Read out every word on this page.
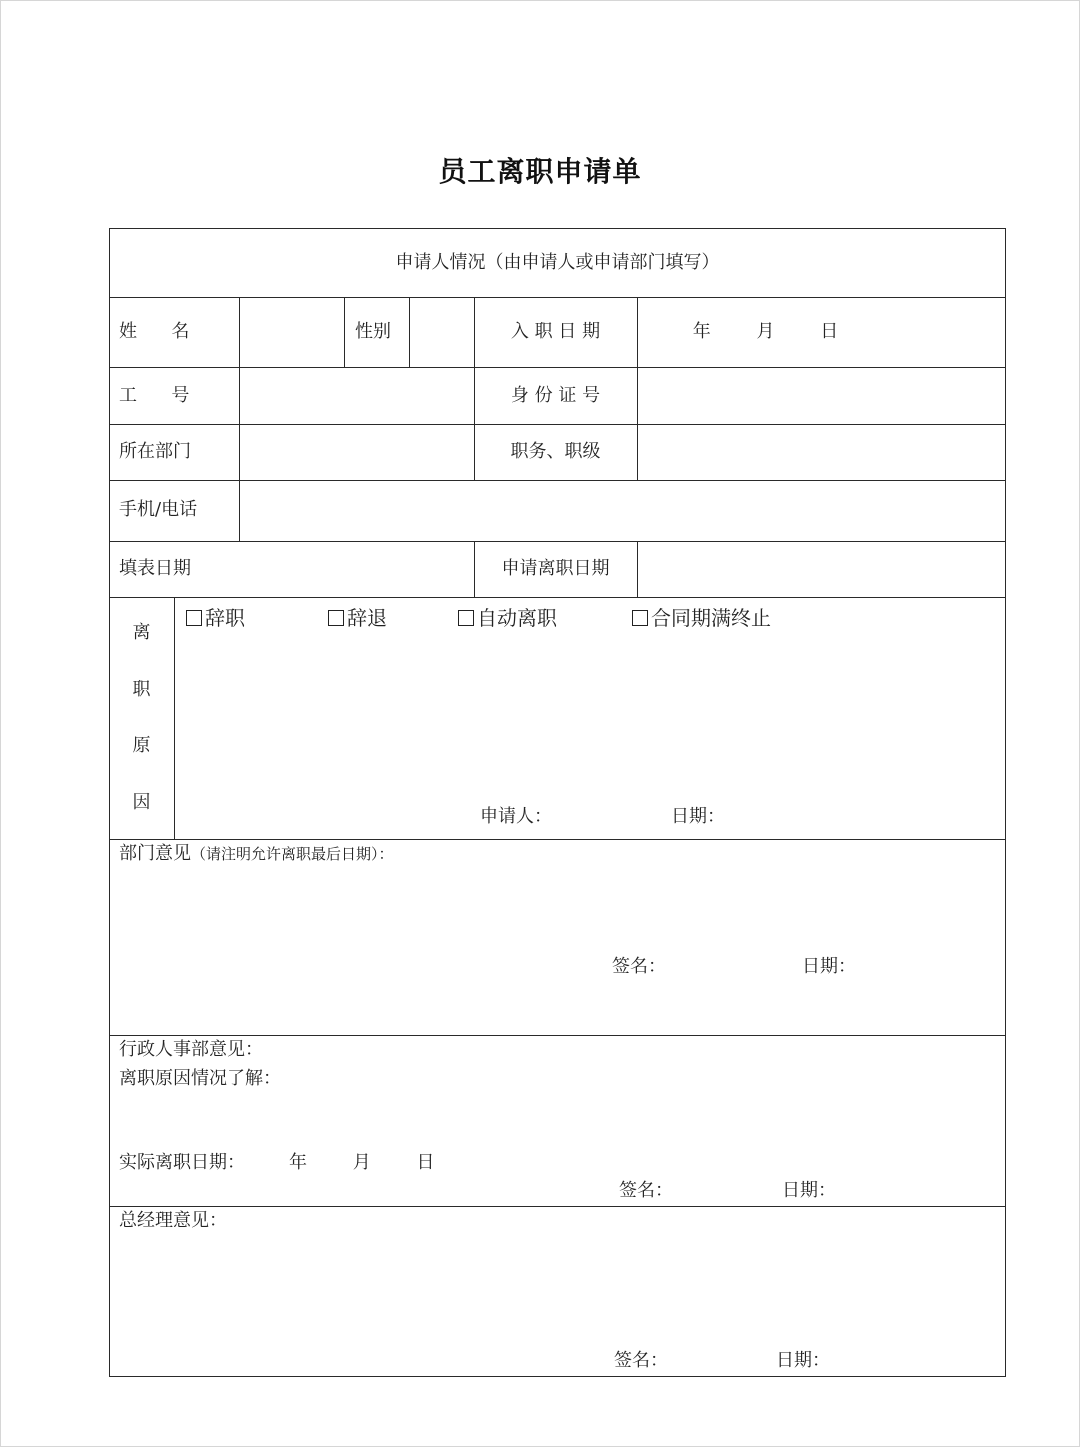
员工离职申请单
申请人情况（由申请人或申请部门填写）
姓      名	性别	入 职 日 期	年        月        日
工      号	身 份 证 号
所在部门	职务、职级
手机/电话
填表日期	申请离职日期
离
职
原
因
辞职	辞退	自动离职	合同期满终止
申请人：	日期：
部门意见（请注明允许离职最后日期）：
签名：	日期：
行政人事部意见：
离职原因情况了解：
实际离职日期： 年        月        日
签名：	日期：
总经理意见：
签名：	日期：
